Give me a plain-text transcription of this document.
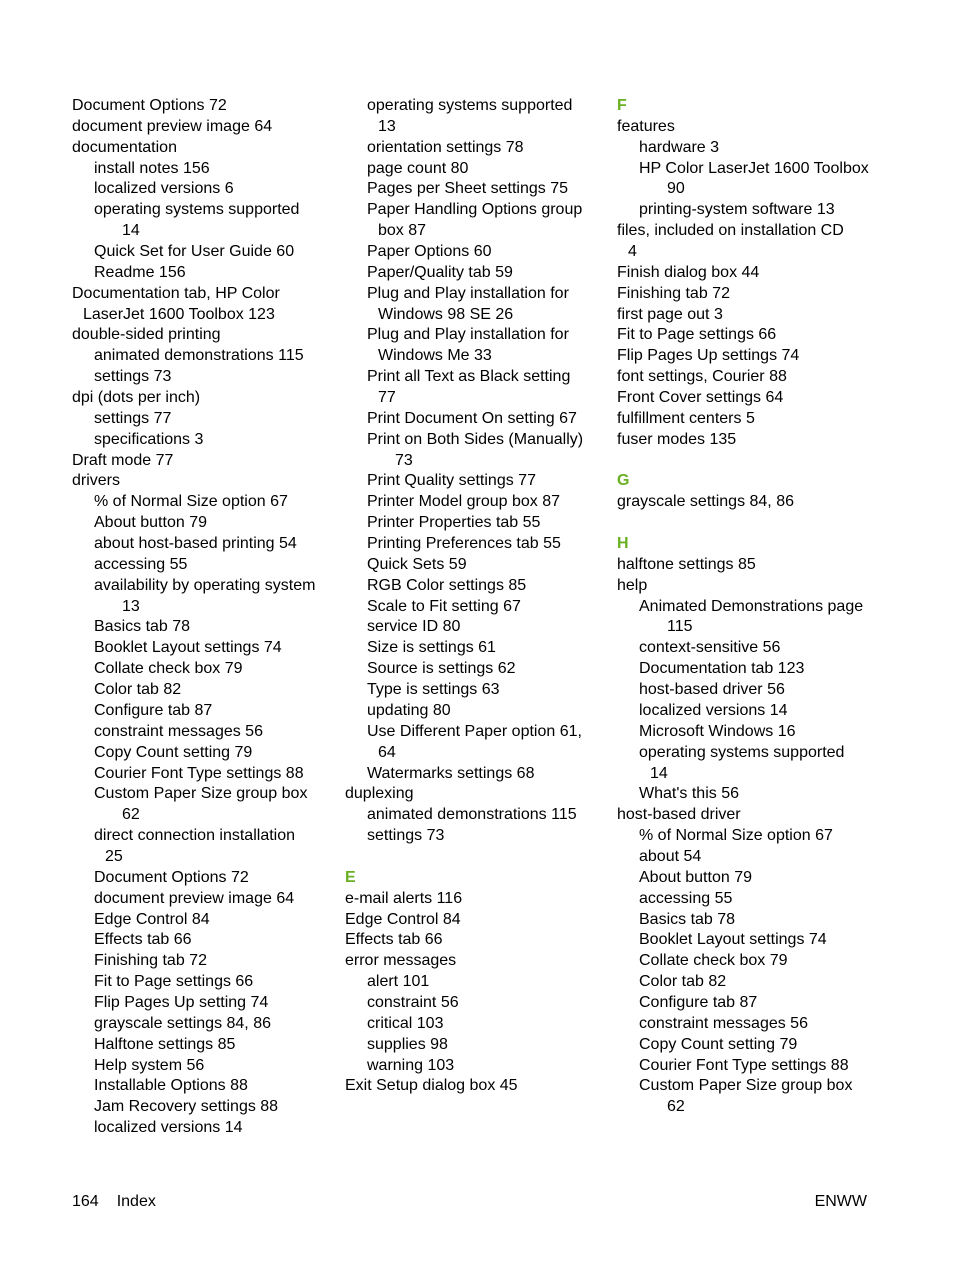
Document Options 72
document preview image 64
documentation
install notes 156
localized versions 6
operating systems supported
14
Quick Set for User Guide 60
Readme 156
Documentation tab, HP Color
LaserJet 1600 Toolbox 123
double-sided printing
animated demonstrations 115
settings 73
dpi (dots per inch)
settings 77
specifications 3
Draft mode 77
drivers
% of Normal Size option 67
About button 79
about host-based printing 54
accessing 55
availability by operating system
13
Basics tab 78
Booklet Layout settings 74
Collate check box 79
Color tab 82
Configure tab 87
constraint messages 56
Copy Count setting 79
Courier Font Type settings 88
Custom Paper Size group box
62
direct connection installation
25
Document Options 72
document preview image 64
Edge Control 84
Effects tab 66
Finishing tab 72
Fit to Page settings 66
Flip Pages Up setting 74
grayscale settings 84, 86
Halftone settings 85
Help system 56
Installable Options 88
Jam Recovery settings 88
localized versions 14
operating systems supported
13
orientation settings 78
page count 80
Pages per Sheet settings 75
Paper Handling Options group
box 87
Paper Options 60
Paper/Quality tab 59
Plug and Play installation for
Windows 98 SE 26
Plug and Play installation for
Windows Me 33
Print all Text as Black setting
77
Print Document On setting 67
Print on Both Sides (Manually)
73
Print Quality settings 77
Printer Model group box 87
Printer Properties tab 55
Printing Preferences tab 55
Quick Sets 59
RGB Color settings 85
Scale to Fit setting 67
service ID 80
Size is settings 61
Source is settings 62
Type is settings 63
updating 80
Use Different Paper option 61,
64
Watermarks settings 68
duplexing
animated demonstrations 115
settings 73
E
e-mail alerts 116
Edge Control 84
Effects tab 66
error messages
alert 101
constraint 56
critical 103
supplies 98
warning 103
Exit Setup dialog box 45
F
features
hardware 3
HP Color LaserJet 1600 Toolbox
90
printing-system software 13
files, included on installation CD
4
Finish dialog box 44
Finishing tab 72
first page out 3
Fit to Page settings 66
Flip Pages Up settings 74
font settings, Courier 88
Front Cover settings 64
fulfillment centers 5
fuser modes 135
G
grayscale settings 84, 86
H
halftone settings 85
help
Animated Demonstrations page
115
context-sensitive 56
Documentation tab 123
host-based driver 56
localized versions 14
Microsoft Windows 16
operating systems supported
14
What's this 56
host-based driver
% of Normal Size option 67
about 54
About button 79
accessing 55
Basics tab 78
Booklet Layout settings 74
Collate check box 79
Color tab 82
Configure tab 87
constraint messages 56
Copy Count setting 79
Courier Font Type settings 88
Custom Paper Size group box
62
164 Index	ENWW
